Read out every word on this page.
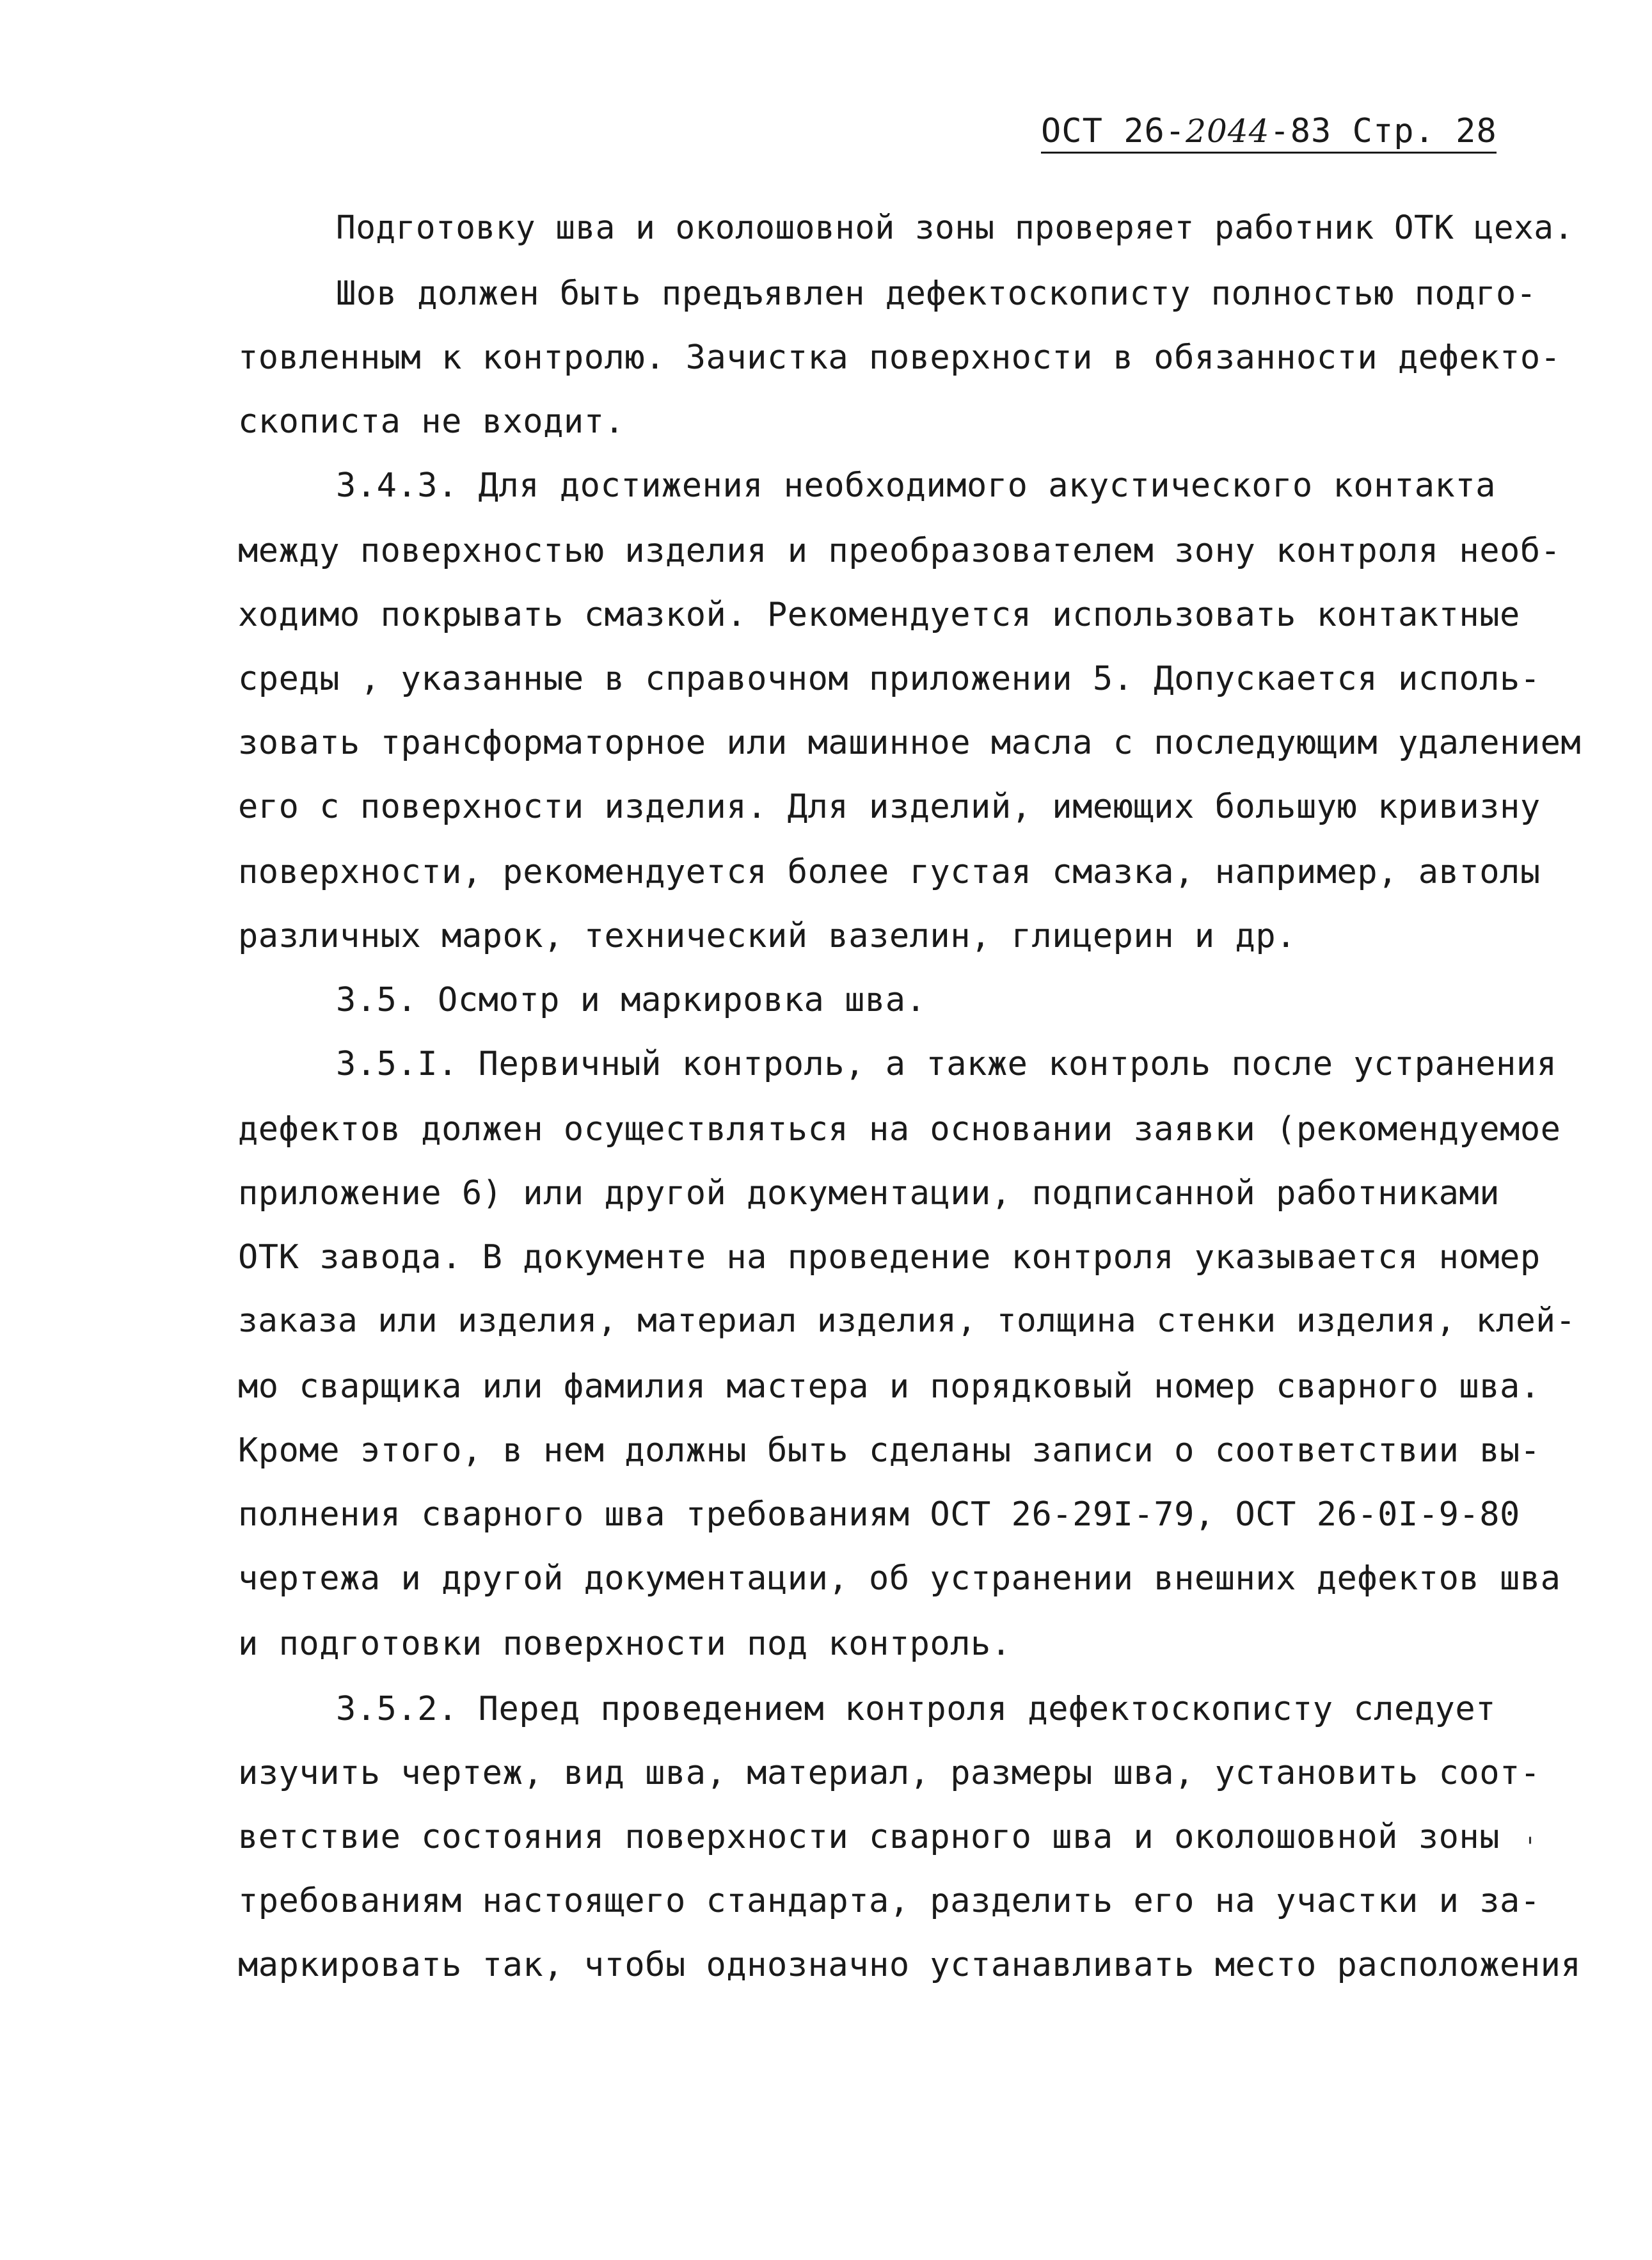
ОСТ 26-2044-83 Стр. 28
Подготовку шва и околошовной зоны проверяет работник ОТК цеха.
Шов должен быть предъявлен дефектоскописту полностью подго-
товленным к контролю. Зачистка поверхности в обязанности дефекто-
скописта не входит.
3.4.3. Для достижения необходимого акустического контакта
между поверхностью изделия и преобразователем зону контроля необ-
ходимо покрывать смазкой. Рекомендуется использовать контактные
среды , указанные в справочном приложении 5. Допускается исполь-
зовать трансформаторное или машинное масла с последующим удалением
его с поверхности изделия. Для изделий, имеющих большую кривизну
поверхности, рекомендуется более густая смазка, например, автолы
различных марок, технический вазелин, глицерин и др.
3.5. Осмотр и маркировка шва.
3.5.I. Первичный контроль, а также контроль после устранения
дефектов должен осуществляться на основании заявки (рекомендуемое
приложение 6) или другой документации, подписанной работниками
ОТК завода. В документе на проведение контроля указывается номер
заказа или изделия, материал изделия, толщина стенки изделия, клей-
мо сварщика или фамилия мастера и порядковый номер сварного шва.
Кроме этого, в нем должны быть сделаны записи о соответствии вы-
полнения сварного шва требованиям ОСТ 26-29I-79, ОСТ 26-0I-9-80
чертежа и другой документации, об устранении внешних дефектов шва
и подготовки поверхности под контроль.
3.5.2. Перед проведением контроля дефектоскописту следует
изучить чертеж, вид шва, материал, размеры шва, установить соот-
ветствие состояния поверхности сварного шва и околошовной зоны
требованиям настоящего стандарта, разделить его на участки и за-
маркировать так, чтобы однозначно устанавливать место расположения
'
